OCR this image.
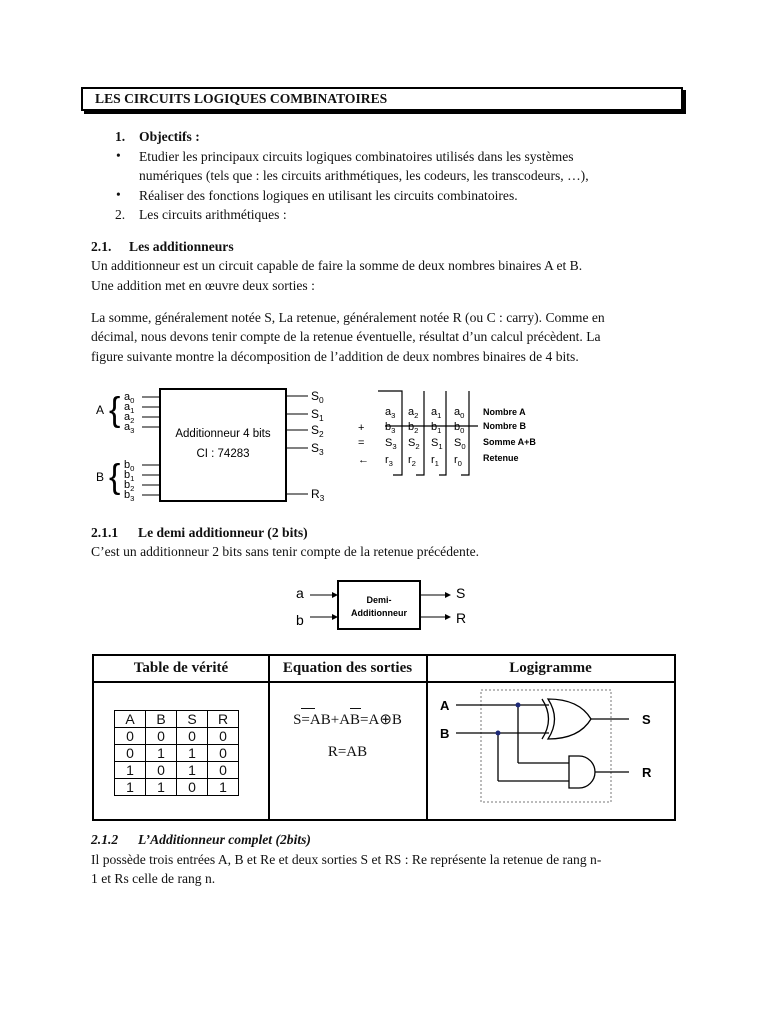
LES CIRCUITS LOGIQUES COMBINATOIRES
1. Objectifs :
• Etudier les principaux circuits logiques combinatoires utilisés dans les systèmes
numériques (tels que : les circuits arithmétiques, les codeurs, les transcodeurs, …),
• Réaliser des fonctions logiques en utilisant les circuits combinatoires.
2. Les circuits arithmétiques :
2.1. Les additionneurs
Un additionneur est un circuit capable de faire la somme de deux nombres binaires A et B.
Une addition met en œuvre deux sorties :
La somme, généralement notée S, La retenue, généralement notée R (ou C : carry). Comme en
décimal, nous devons tenir compte de la retenue éventuelle, résultat d’un calcul précèdent. La
figure suivante montre la décomposition de l’addition de deux nombres binaires de 4 bits.
Additionneur 4 bits
CI : 74283
A
B
{
{
$a_0$
$a_1$
$a_2$
$a_3$
$b_0$
$b_1$
$b_2$
$b_3$
$S_0$
$S_1$
$S_2$
$S_3$
$R_3$
+
=
←
$a_3$ $a_2$ $a_1$ $a_0$
$b_3$ $b_2$ $b_1$ $b_0$
$S_3$ $S_2$ $S_1$ $S_0$
$r_3$ $r_2$ $r_1$ $r_0$
Nombre A
Nombre B
Somme A+B
Retenue
2.1.1 Le demi additionneur (2 bits)
C’est un additionneur 2 bits sans tenir compte de la retenue précédente.
Demi-
Additionneur
a
b
S
R
Table de vérité	Equation des sorties	Logigramme
A	B	S	R
0	0	0	0
0	1	1	0
1	0	1	0
1	1	0	1
S=AB+AB=A⊕B
R=AB
A
B
S
R
2.1.2 L’Additionneur complet (2bits)
Il possède trois entrées A, B et Re et deux sorties S et RS : Re représente la retenue de rang n-
1 et Rs celle de rang n.
